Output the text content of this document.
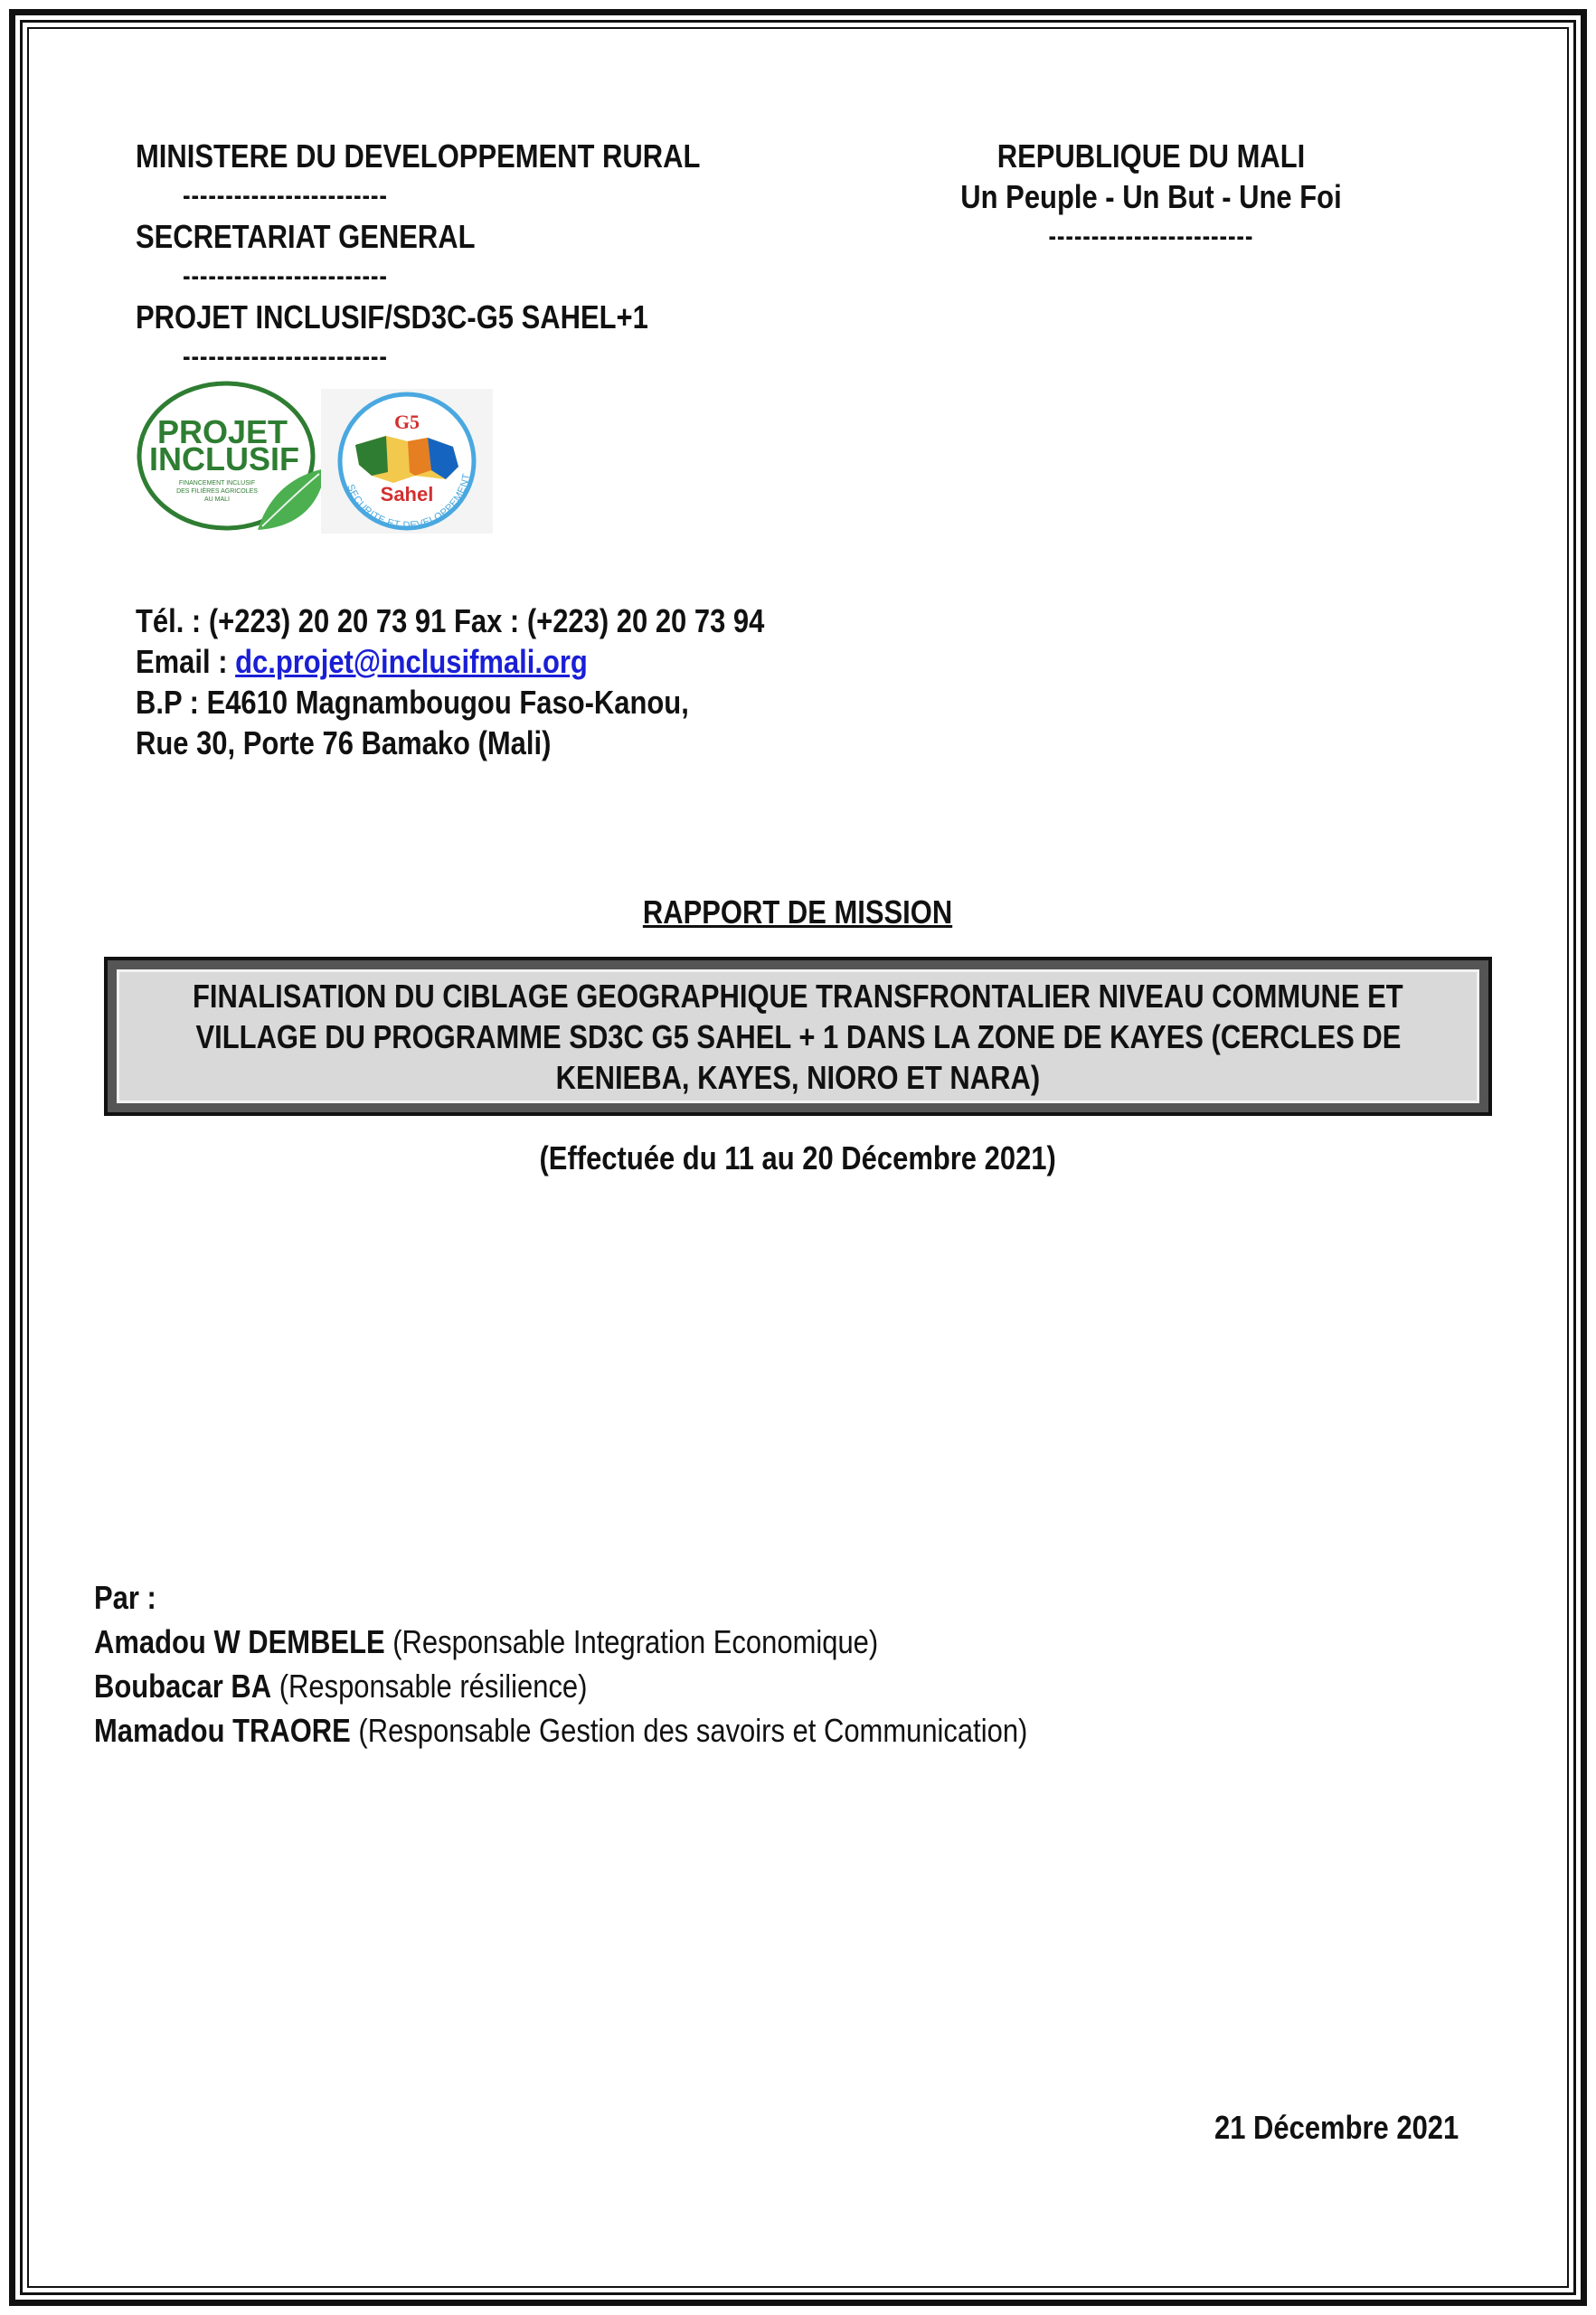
MINISTERE DU DEVELOPPEMENT RURAL
------------------------
SECRETARIAT GENERAL
------------------------
PROJET INCLUSIF/SD3C-G5 SAHEL+1
------------------------
REPUBLIQUE DU MALI
Un Peuple - Un But - Une Foi
------------------------
PROJET
INCLUSIF
FINANCEMENT INCLUSIF
DES FILIÈRES AGRICOLES
AU MALI
G5
Sahel
SECURITE ET DEVELOPPEMENT
Tél. : (+223) 20 20 73 91 Fax : (+223) 20 20 73 94
Email : dc.projet@inclusifmali.org
B.P : E4610 Magnambougou Faso-Kanou,
Rue 30, Porte 76 Bamako (Mali)
RAPPORT DE MISSION
FINALISATION DU CIBLAGE GEOGRAPHIQUE TRANSFRONTALIER NIVEAU COMMUNE ET
VILLAGE DU PROGRAMME SD3C G5 SAHEL + 1 DANS LA ZONE DE KAYES (CERCLES DE
KENIEBA, KAYES, NIORO ET NARA)
(Effectuée du 11 au 20 Décembre 2021)
Par :
Amadou W DEMBELE (Responsable Integration Economique)
Boubacar BA (Responsable résilience)
Mamadou TRAORE (Responsable Gestion des savoirs et Communication)
21 Décembre 2021
